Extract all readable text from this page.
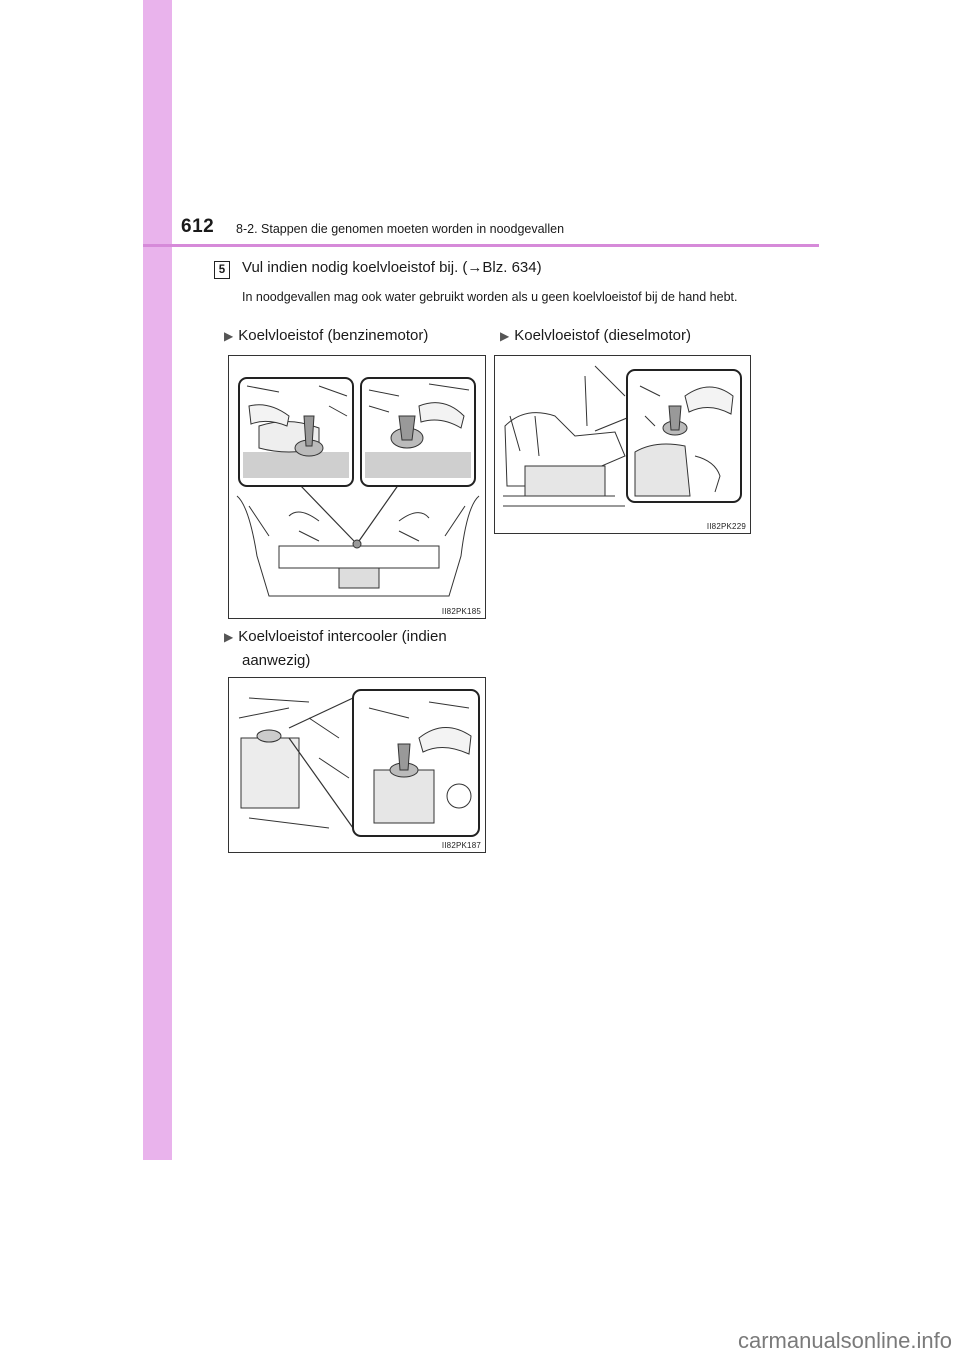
612 8-2. Stappen die genomen moeten worden in noodgevallen
5	Vul indien nodig koelvloeistof bij. (→Blz. 634)
In noodgevallen mag ook water gebruikt worden als u geen koelvloeistof bij de hand hebt.
▶ Koelvloeistof (benzinemotor)	▶ Koelvloeistof (dieselmotor)
II82PK185
II82PK229
▶ Koelvloeistof intercooler (indien
aanwezig)
II82PK187
carmanualsonline.info
